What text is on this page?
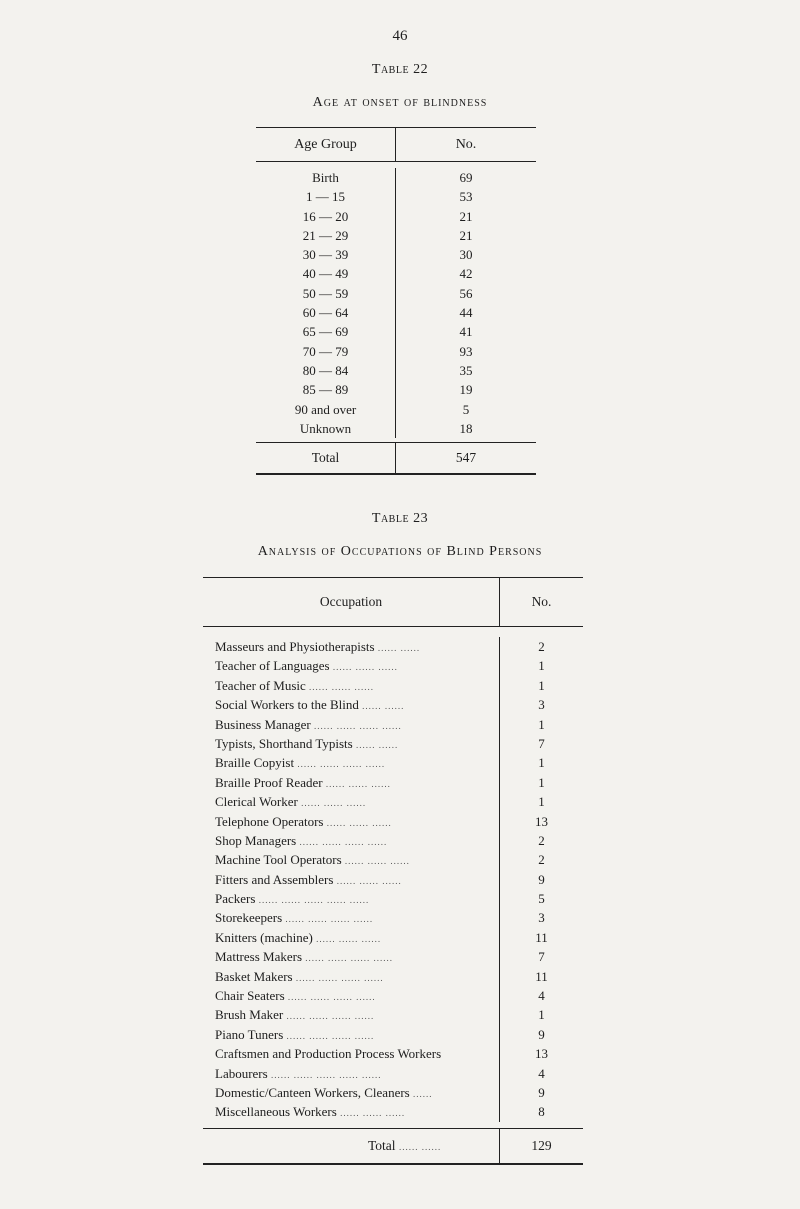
46
Table 22
Age at onset of blindness
Age Group	No.
Birth	69
1 — 15	53
16 — 20	21
21 — 29	21
30 — 39	30
40 — 49	42
50 — 59	56
60 — 64	44
65 — 69	41
70 — 79	93
80 — 84	35
85 — 89	19
90 and over	5
Unknown	18
Total	547
Table 23
Analysis of Occupations of Blind Persons
Occupation	No.
Masseurs and Physiotherapists ...... ......	2
Teacher of Languages ...... ...... ......	1
Teacher of Music ...... ...... ......	1
Social Workers to the Blind ...... ......	3
Business Manager ...... ...... ...... ......	1
Typists, Shorthand Typists ...... ......	7
Braille Copyist ...... ...... ...... ......	1
Braille Proof Reader ...... ...... ......	1
Clerical Worker ...... ...... ......	1
Telephone Operators ...... ...... ......	13
Shop Managers ...... ...... ...... ......	2
Machine Tool Operators ...... ...... ......	2
Fitters and Assemblers ...... ...... ......	9
Packers ...... ...... ...... ...... ......	5
Storekeepers ...... ...... ...... ......	3
Knitters (machine) ...... ...... ......	11
Mattress Makers ...... ...... ...... ......	7
Basket Makers ...... ...... ...... ......	11
Chair Seaters ...... ...... ...... ......	4
Brush Maker ...... ...... ...... ......	1
Piano Tuners ...... ...... ...... ......	9
Craftsmen and Production Process Workers	13
Labourers ...... ...... ...... ...... ......	4
Domestic/Canteen Workers, Cleaners ......	9
Miscellaneous Workers ...... ...... ......	8
Total ...... ......	129
